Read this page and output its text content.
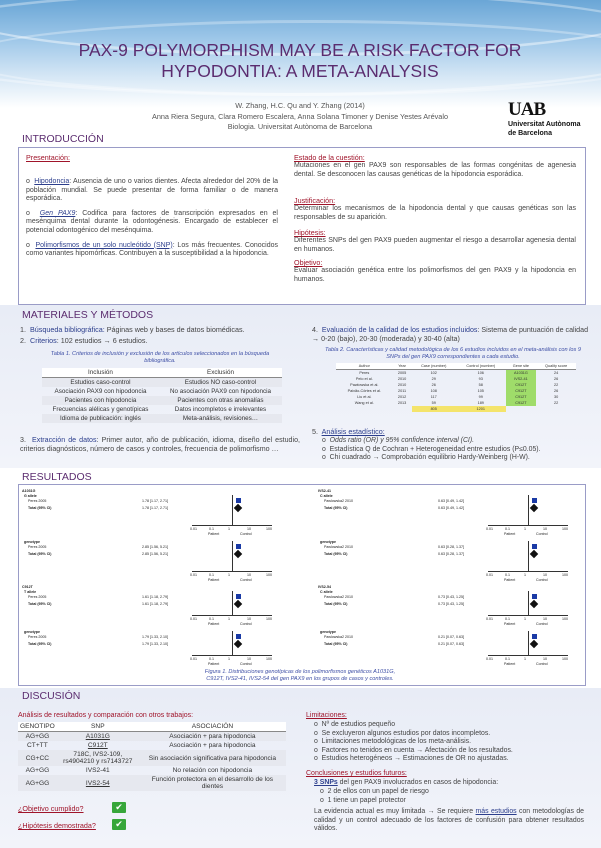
PAX-9 POLYMORPHISM MAY BE A RISK FACTOR FOR HYPODONTIA: A META-ANALYSIS
W. Zhang, H.C. Qu and Y. Zhang (2014)
Anna Riera Segura, Clara Romero Escalera, Anna Solana Timoner y Denise Yestes Arévalo
Biologia. Universitat Autònoma de Barcelona
UAB
Universitat Autònoma de Barcelona
INTRODUCCIÓN
Presentación:
o  Hipodoncia: Ausencia de uno o varios dientes. Afecta alrededor del 20% de la población mundial. Se puede presentar de forma familiar o de manera esporádica.
o  Gen PAX9: Codifica para factores de transcripción expresados en el mesénquima dental durante la odontogénesis. Encargado de establecer el potencial odontogénico del mesénquima.
o  Polimorfismos de un solo nucleótido (SNP): Los más frecuentes. Conocidos como variantes hipomórficas. Contribuyen a la susceptibilidad a la hipodoncia.
Estado de la cuestión:
Mutaciones en el gen PAX9 son responsables de las formas congénitas de agenesia dental. Se desconocen las causas genéticas de la hipodoncia esporádica.
Justificación:
Determinar los mecanismos de la hipodoncia dental y que causas genéticas son las responsables de su aparición.
Hipótesis:
Diferentes SNPs del gen PAX9 pueden augmentar el riesgo a desarrollar agenesia dental en humanos.
Objetivo:
Evaluar asociación genética entre los polimorfismos del gen PAX9 y la hipodoncia en humanos.
MATERIALES Y MÉTODOS
1.  Búsqueda bibliográfica: Páginas web y bases de datos biomédicas.
2.  Criterios: 102 estudios → 6 estudios.
Tabla 1. Criterios de inclusión y exclusión de los artículos seleccionados en la búsqueda bibliográfica.
Inclusión	Exclusión
Estudios caso-control	Estudios NO caso-control
Asociación PAX9 con hipodoncia	No asociación PAX9 con hipodoncia
Pacientes con hipodoncia	Pacientes con otras anomalías
Frecuencias alélicas y genotípicas	Datos incompletos e irrelevantes
Idioma de publicación: inglés	Meta-análisis, revisiones…
3.  Extracción de datos: Primer autor, año de publicación, idioma, diseño del estudio, criterios diagnósticos, número de casos y controles, frecuencia de polimorfismo …
4.  Evaluación de la calidad de los estudios incluidos: Sistema de puntuación de calidad → 0-20 (bajo), 20-30 (moderada) y 30-40 (alta)
Tabla 2. Características y calidad metodológica de los 6 estudios incluidos en el meta-análisis con los 9 SNPs del gen PAX9 correspondientes a cada estudio.
Author	Year	Case (number)	Control (number)	Gene site	Quality score
Peres	2005	102	106	A1031G	24
Pelo et al.	2010	29	93	IVS2-41	26
Pawlowska et al.	2010	26	58	C912T	22
Paixão-Côrtes et al.	2011	108	105	C912T	26
Liu et al.	2012	117	99	C912T	30
Wang et al.	2013	59	189	C912T	22
		805	1201		
5.  Análisis estadístico:
o  Odds ratio (OR) y 95% confidence interval (CI).
o  Estadística Q de Cochran + Heterogeneidad entre estudios (P≤0.05).
o  Chi cuadrado → Comprobación equilibrio Hardy-Weinberg (H-W).
RESULTADOS
A1031G
G allele
Peres 2005
Total (95% CI)
1.78 [1.17, 2.71]
1.78 [1.17, 2.71]
0.01	0.1	1	10	100
Patient	Control
genotype
Peres 2005
Total (95% CI)
2.85 [1.56, 5.21]
2.85 [1.56, 5.21]
0.01	0.1	1	10	100
Patient	Control
C912T
T allele
Peres 2005
Total (95% CI)
1.61 [1.18, 2.79]
1.61 [1.18, 2.79]
0.01	0.1	1	10	100
Patient	Control
genotype
Peres 2005
Total (95% CI)
1.79 [1.33, 2.10]
1.79 [1.33, 2.10]
0.01	0.1	1	10	100
Patient	Control
IVS2-41
C allele
Pawlowska2 2010
Total (95% CI)
0.63 [0.49, 1.42]
0.63 [0.49, 1.42]
0.01	0.1	1	10	100
Patient	Control
genotype
Pawlowska2 2010
Total (95% CI)
0.63 [0.28, 1.37]
0.63 [0.28, 1.37]
0.01	0.1	1	10	100
Patient	Control
IVS2-54
C allele
Pawlowska2 2010
Total (95% CI)
0.73 [0.43, 1.25]
0.73 [0.43, 1.25]
0.01	0.1	1	10	100
Patient	Control
genotype
Pawlowska2 2010
Total (95% CI)
0.21 [0.07, 0.63]
0.21 [0.07, 0.63]
0.01	0.1	1	10	100
Patient	Control
Figura 1. Distribuciones genotípicas de los polimorfismos genéticos A1031G, C912T, IVS2-41, IVS2-54 del gen PAX9 en los grupos de casos y controles.
DISCUSIÓN
Análisis de resultados y comparación con otros trabajos:
GENOTIPO	SNP	ASOCIACIÓN
AG+GG	A1031G	Asociación + para hipodoncia
CT+TT	C912T	Asociación + para hipodoncia
CG+CC	718C, IVS2-109, rs4904210 y rs7143727	Sin asociación significativa para hipodoncia
AG+GG	IVS2-41	No relación con hipodoncia
AG+GG	IVS2-54	Función protectora en el desarrollo de los dientes
¿Objetivo cumplido?	✔
¿Hipótesis demostrada?	✔
Limitaciones:
o  Nº de estudios pequeño
o  Se excluyeron algunos estudios por datos incompletos.
o  Limitaciones metodológicas de los meta-análisis.
o  Factores no tenidos en cuenta → Afectación de los resultados.
o  Estudios heterogéneos → Estimaciones de OR no ajustadas.
Conclusiones y estudios futuros:
3 SNPs del gen PAX9 involucrados en casos de hipodoncia:
o  2 de ellos con un papel de riesgo
o  1 tiene un papel protector
La evidencia actual es muy limitada → Se requiere más estudios con metodologías de calidad y un control adecuado de los factores de confusión para obtener resultados válidos.
